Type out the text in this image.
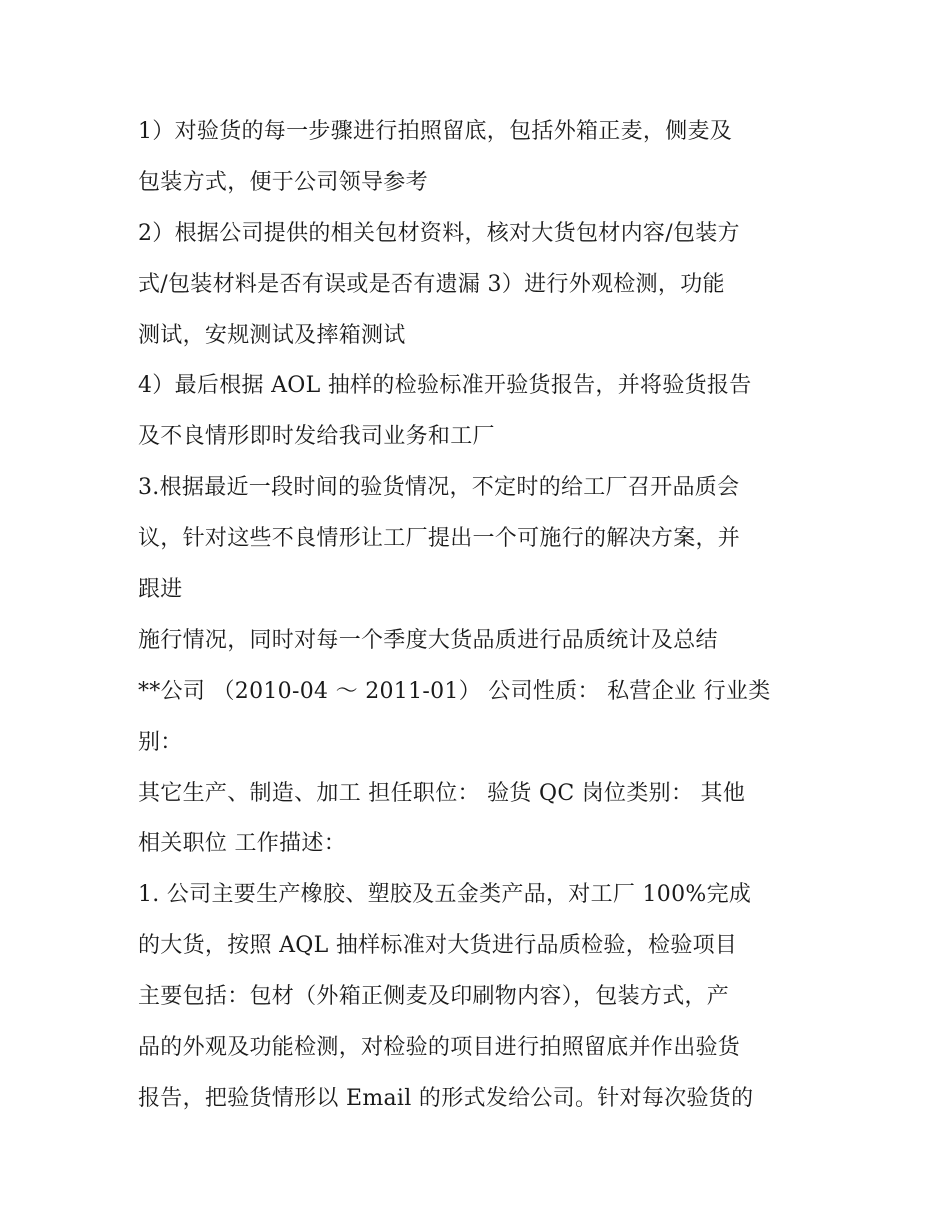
1）对验货的每一步骤进行拍照留底，包括外箱正麦，侧麦及
包装方式，便于公司领导参考
2）根据公司提供的相关包材资料，核对大货包材内容/包装方
式/包装材料是否有误或是否有遗漏 3）进行外观检测，功能
测试，安规测试及摔箱测试
4）最后根据 AOL 抽样的检验标准开验货报告，并将验货报告
及不良情形即时发给我司业务和工厂
3.根据最近一段时间的验货情况，不定时的给工厂召开品质会
议，针对这些不良情形让工厂提出一个可施行的解决方案，并
跟进
施行情况，同时对每一个季度大货品质进行品质统计及总结
**公司 （2010-04 ～ 2011-01） 公司性质： 私营企业 行业类
别：
其它生产、制造、加工 担任职位： 验货 QC 岗位类别： 其他
相关职位 工作描述：
1. 公司主要生产橡胶、塑胶及五金类产品，对工厂 100%完成
的大货，按照 AQL 抽样标准对大货进行品质检验，检验项目
主要包括：包材（外箱正侧麦及印刷物内容），包装方式，产
品的外观及功能检测，对检验的项目进行拍照留底并作出验货
报告，把验货情形以 Email 的形式发给公司。针对每次验货的
